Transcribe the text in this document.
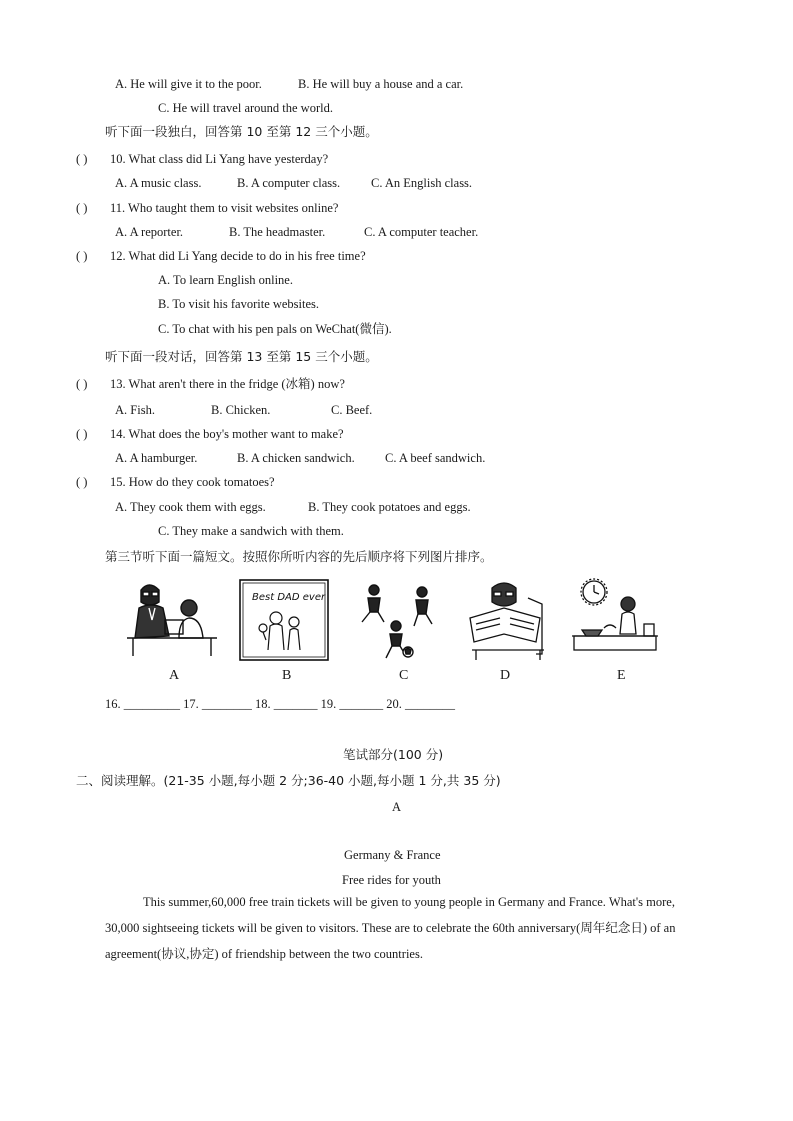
A. He will give it to the poor.	B. He will buy a house and a car.
C. He will travel around the world.
听下面一段独白，回答第 10 至第 12 三个小题。
( ) 10. What class did Li Yang have yesterday?
A. A music class.	B. A computer class. C. An English class.
( ) 11. Who taught them to visit websites online?
A. A reporter.	B. The headmaster.	C. A computer teacher.
( ) 12. What did Li Yang decide to do in his free time?
A. To learn English online.
B. To visit his favorite websites.
C. To chat with his pen pals on WeChat(微信).
听下面一段对话，回答第 13 至第 15 三个小题。
( ) 13. What aren't there in the fridge (冰箱) now?
A. Fish.	B. Chicken.	C. Beef.
( ) 14. What does the boy's mother want to make?
A. A hamburger.	B. A chicken sandwich. C. A beef sandwich.
( ) 15. How do they cook tomatoes?
A. They cook them with eggs.	B. They cook potatoes and eggs.
C. They make a sandwich with them.
第三节听下面一篇短文。按照你所听内容的先后顺序将下列图片排序。
A
Best DAD ever
B	C	D	E
16. _________ 17. ________ 18. _______ 19. _______ 20. ________
笔试部分(100 分)
二、阅读理解。(21-35 小题,每小题 2 分;36-40 小题,每小题 1 分,共 35 分)
A
Germany & France
Free rides for youth
This summer,60,000 free train tickets will be given to young people in Germany and France. What's more, 30,000 sightseeing tickets will be given to visitors. These are to celebrate the 60th anniversary(周年纪念日) of an agreement(协议,协定) of friendship between the two countries.
